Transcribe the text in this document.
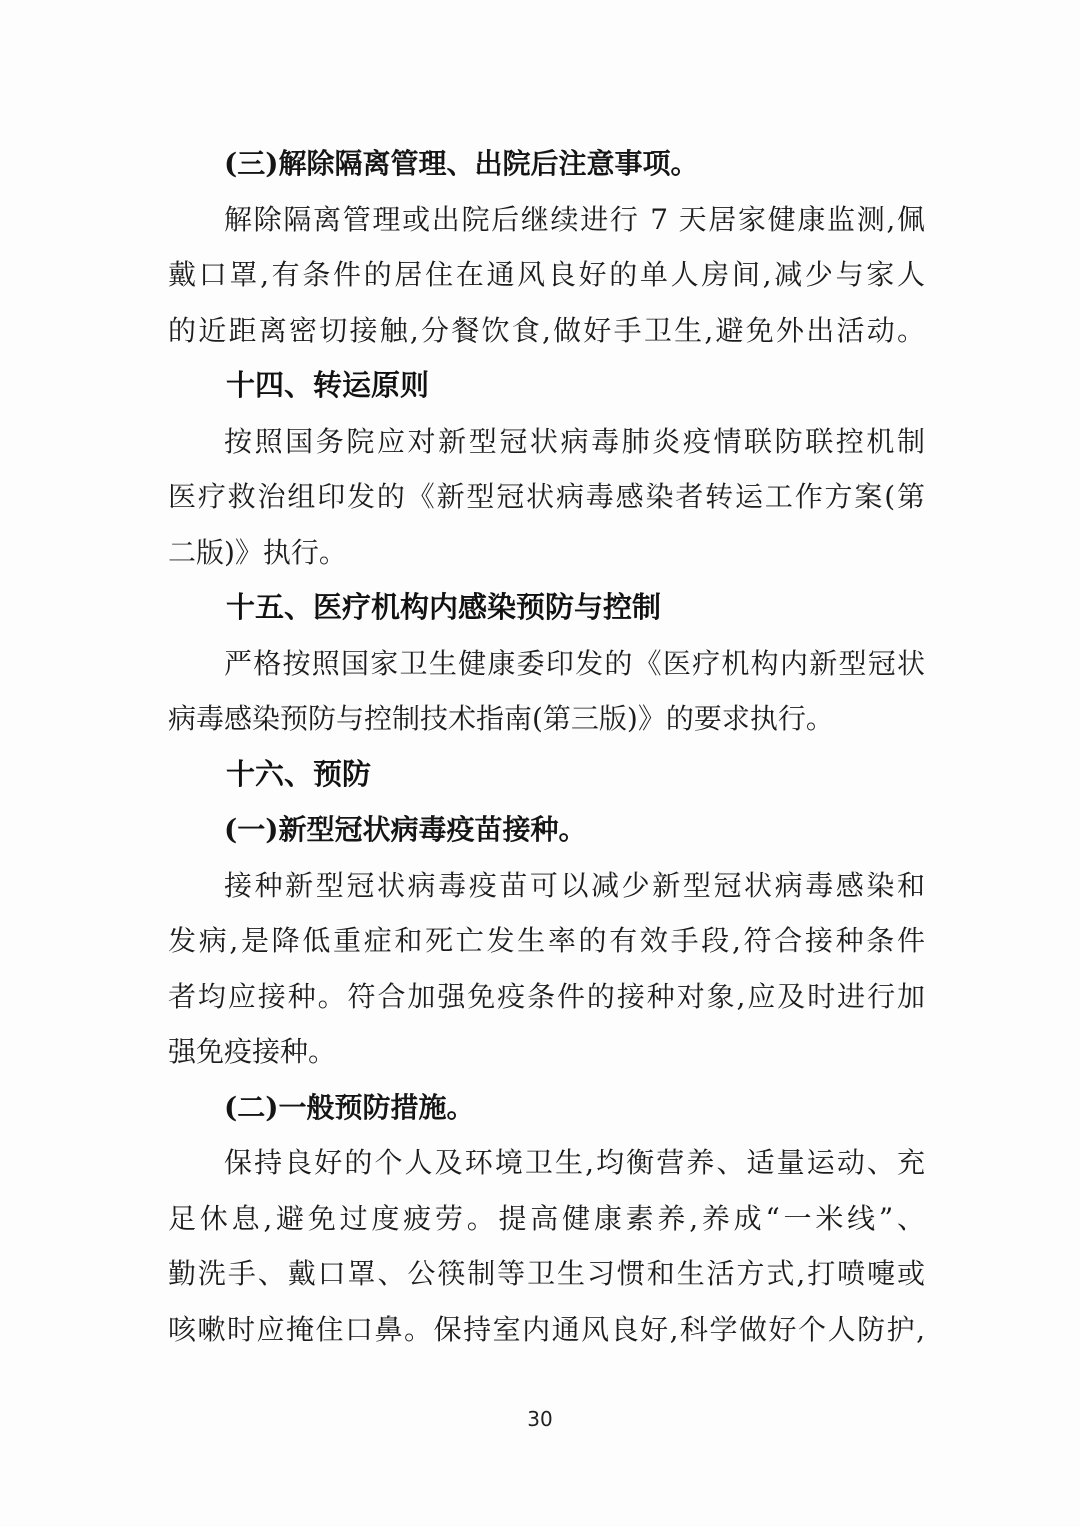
(三)解除隔离管理、出院后注意事项。
解除隔离管理或出院后继续进行 7 天居家健康监测,佩
戴口罩,有条件的居住在通风良好的单人房间,减少与家人
的近距离密切接触,分餐饮食,做好手卫生,避免外出活动。
十四、转运原则
按照国务院应对新型冠状病毒肺炎疫情联防联控机制
医疗救治组印发的《新型冠状病毒感染者转运工作方案(第
二版)》执行。
十五、医疗机构内感染预防与控制
严格按照国家卫生健康委印发的《医疗机构内新型冠状
病毒感染预防与控制技术指南(第三版)》的要求执行。
十六、预防
(一)新型冠状病毒疫苗接种。
接种新型冠状病毒疫苗可以减少新型冠状病毒感染和
发病,是降低重症和死亡发生率的有效手段,符合接种条件
者均应接种。符合加强免疫条件的接种对象,应及时进行加
强免疫接种。
(二)一般预防措施。
保持良好的个人及环境卫生,均衡营养、适量运动、充
足休息,避免过度疲劳。提高健康素养,养成“一米线”、
勤洗手、戴口罩、公筷制等卫生习惯和生活方式,打喷嚏或
咳嗽时应掩住口鼻。保持室内通风良好,科学做好个人防护,
30
